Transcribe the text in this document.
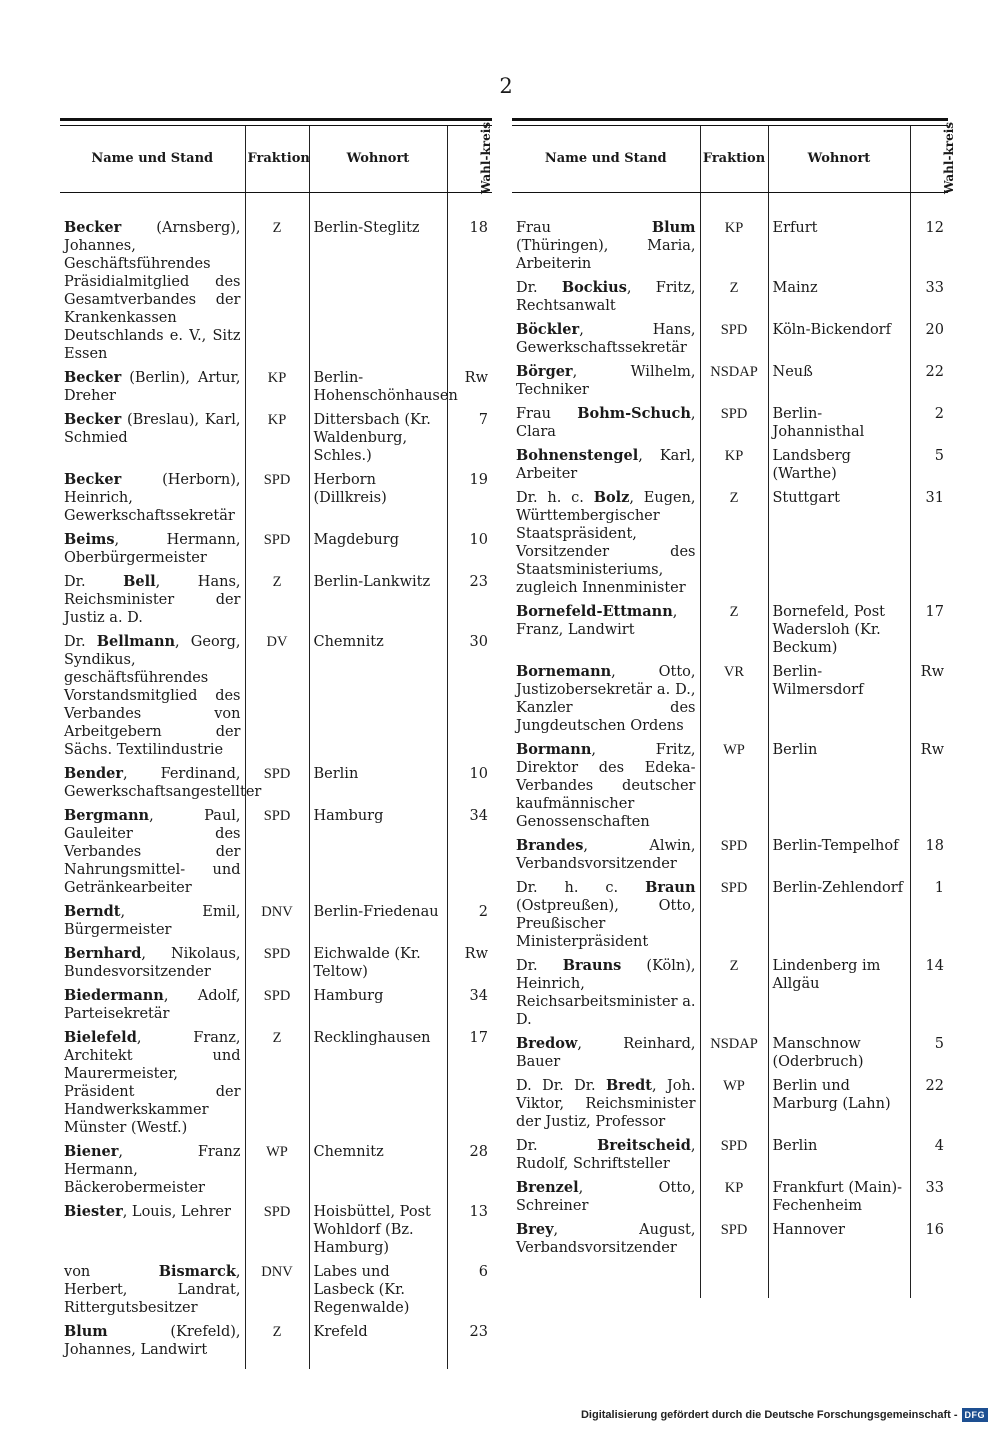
2
Name und Stand	Fraktion	Wohnort	Wahl-kreis
Becker (Arnsberg), Johannes, Geschäftsführendes Präsidialmitglied des Gesamtverbandes der Krankenkassen Deutschlands e. V., Sitz Essen	Z	Berlin-Steglitz	18
Becker (Berlin), Artur, Dreher	KP	Berlin-Hohenschönhausen	Rw
Becker (Breslau), Karl, Schmied	KP	Dittersbach (Kr. Waldenburg, Schles.)	7
Becker (Herborn), Heinrich, Gewerkschaftssekretär	SPD	Herborn (Dillkreis)	19
Beims, Hermann, Oberbürgermeister	SPD	Magdeburg	10
Dr. Bell, Hans, Reichsminister der Justiz a. D.	Z	Berlin-Lankwitz	23
Dr. Bellmann, Georg, Syndikus, geschäftsführendes Vorstandsmitglied des Verbandes von Arbeitgebern der Sächs. Textilindustrie	DV	Chemnitz	30
Bender, Ferdinand, Gewerkschaftsangestellter	SPD	Berlin	10
Bergmann, Paul, Gauleiter des Verbandes der Nahrungsmittel- und Getränkearbeiter	SPD	Hamburg	34
Berndt, Emil, Bürgermeister	DNV	Berlin-Friedenau	2
Bernhard, Nikolaus, Bundesvorsitzender	SPD	Eichwalde (Kr. Teltow)	Rw
Biedermann, Adolf, Parteisekretär	SPD	Hamburg	34
Bielefeld, Franz, Architekt und Maurermeister, Präsident der Handwerkskammer Münster (Westf.)	Z	Recklinghausen	17
Biener, Franz Hermann, Bäckerobermeister	WP	Chemnitz	28
Biester, Louis, Lehrer	SPD	Hoisbüttel, Post Wohldorf (Bz. Hamburg)	13
von Bismarck, Herbert, Landrat, Rittergutsbesitzer	DNV	Labes und Lasbeck (Kr. Regenwalde)	6
Blum (Krefeld), Johannes, Landwirt	Z	Krefeld	23

Name und Stand	Fraktion	Wohnort	Wahl-kreis
Frau Blum (Thüringen), Maria, Arbeiterin	KP	Erfurt	12
Dr. Bockius, Fritz, Rechtsanwalt	Z	Mainz	33
Böckler, Hans, Gewerkschaftssekretär	SPD	Köln-Bickendorf	20
Börger, Wilhelm, Techniker	NSDAP	Neuß	22
Frau Bohm-Schuch, Clara	SPD	Berlin-Johannisthal	2
Bohnenstengel, Karl, Arbeiter	KP	Landsberg (Warthe)	5
Dr. h. c. Bolz, Eugen, Württembergischer Staatspräsident, Vorsitzender des Staatsministeriums, zugleich Innenminister	Z	Stuttgart	31
Bornefeld-Ettmann, Franz, Landwirt	Z	Bornefeld, Post Wadersloh (Kr. Beckum)	17
Bornemann, Otto, Justizobersekretär a. D., Kanzler des Jungdeutschen Ordens	VR	Berlin-Wilmersdorf	Rw
Bormann, Fritz, Direktor des Edeka-Verbandes deutscher kaufmännischer Genossenschaften	WP	Berlin	Rw
Brandes, Alwin, Verbandsvorsitzender	SPD	Berlin-Tempelhof	18
Dr. h. c. Braun (Ostpreußen), Otto, Preußischer Ministerpräsident	SPD	Berlin-Zehlendorf	1
Dr. Brauns (Köln), Heinrich, Reichsarbeitsminister a. D.	Z	Lindenberg im Allgäu	14
Bredow, Reinhard, Bauer	NSDAP	Manschnow (Oderbruch)	5
D. Dr. Dr. Bredt, Joh. Viktor, Reichsminister der Justiz, Professor	WP	Berlin und Marburg (Lahn)	22
Dr. Breitscheid, Rudolf, Schriftsteller	SPD	Berlin	4
Brenzel, Otto, Schreiner	KP	Frankfurt (Main)-Fechenheim	33
Brey, August, Verbandsvorsitzender	SPD	Hannover	16

Digitalisierung gefördert durch die Deutsche Forschungsgemeinschaft - DFG
